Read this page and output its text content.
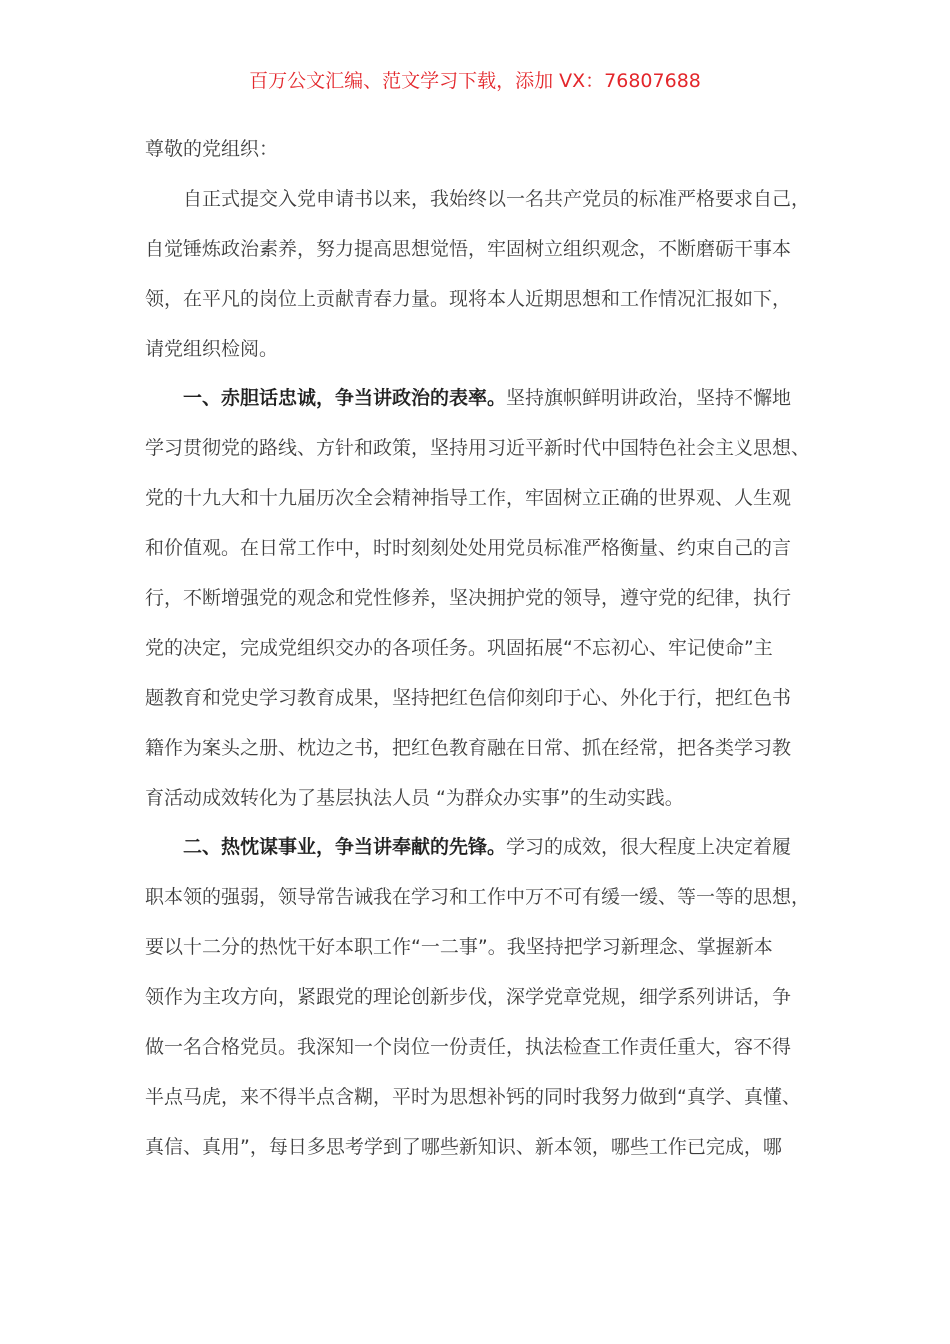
百万公文汇编、范文学习下载，添加 VX：76807688
尊敬的党组织：
自正式提交入党申请书以来，我始终以一名共产党员的标准严格要求自己，
自觉锤炼政治素养，努力提高思想觉悟，牢固树立组织观念，不断磨砺干事本
领，在平凡的岗位上贡献青春力量。现将本人近期思想和工作情况汇报如下，
请党组织检阅。
一、赤胆话忠诚，争当讲政治的表率。坚持旗帜鲜明讲政治，坚持不懈地
学习贯彻党的路线、方针和政策，坚持用习近平新时代中国特色社会主义思想、
党的十九大和十九届历次全会精神指导工作，牢固树立正确的世界观、人生观
和价值观。在日常工作中，时时刻刻处处用党员标准严格衡量、约束自己的言
行，不断增强党的观念和党性修养，坚决拥护党的领导，遵守党的纪律，执行
党的决定，完成党组织交办的各项任务。巩固拓展“不忘初心、牢记使命”主
题教育和党史学习教育成果，坚持把红色信仰刻印于心、外化于行，把红色书
籍作为案头之册、枕边之书，把红色教育融在日常、抓在经常，把各类学习教
育活动成效转化为了基层执法人员 “为群众办实事”的生动实践。
二、热忱谋事业，争当讲奉献的先锋。学习的成效，很大程度上决定着履
职本领的强弱，领导常告诫我在学习和工作中万不可有缓一缓、等一等的思想，
要以十二分的热忱干好本职工作“一二事”。我坚持把学习新理念、掌握新本
领作为主攻方向，紧跟党的理论创新步伐，深学党章党规，细学系列讲话，争
做一名合格党员。我深知一个岗位一份责任，执法检查工作责任重大，容不得
半点马虎，来不得半点含糊，平时为思想补钙的同时我努力做到“真学、真懂、
真信、真用”，每日多思考学到了哪些新知识、新本领，哪些工作已完成，哪
